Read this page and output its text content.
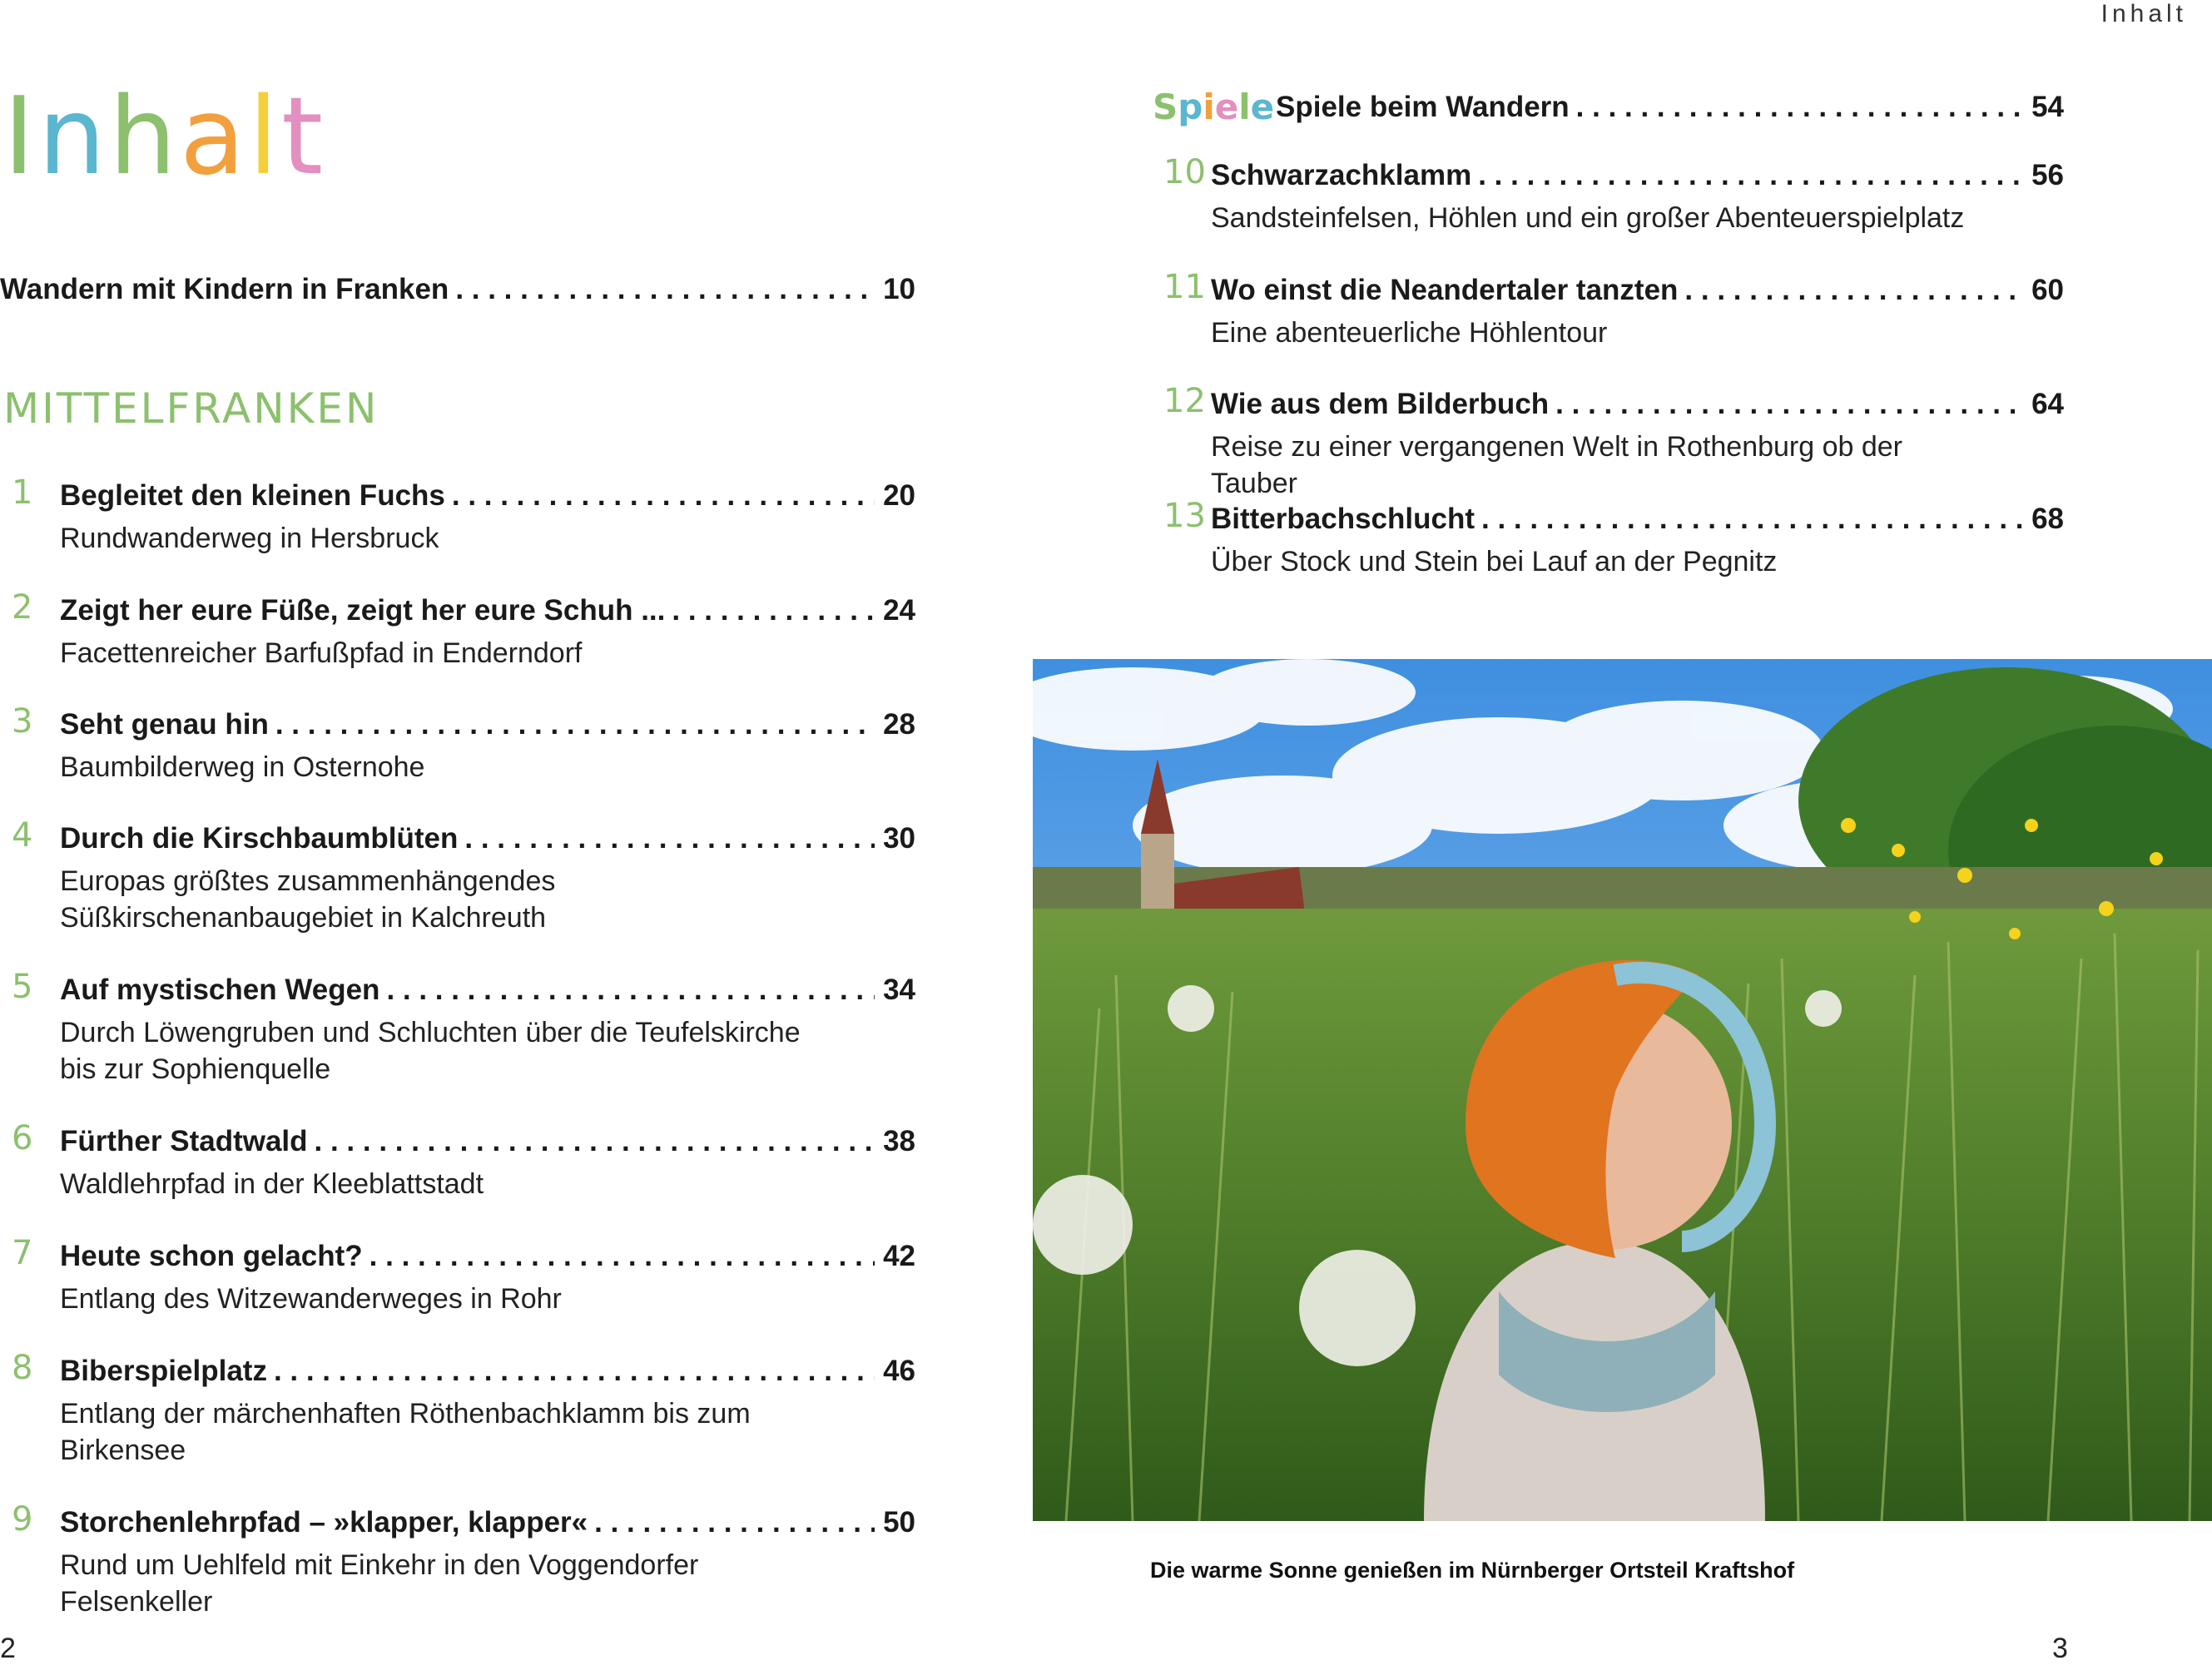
Inhalt
Inhalt
Wandern mit Kindern in Franken . . .	10
MITTELFRANKEN
1 Begleitet den kleinen Fuchs . . .	20
Rundwanderweg in Hersbruck
2 Zeigt her eure Füße, zeigt her eure Schuh ... . . .	24
Facettenreicher Barfußpfad in Enderndorf
3 Seht genau hin . . .	28
Baumbilderweg in Osternohe
4 Durch die Kirschbaumblüten . . .	30
Europas größtes zusammenhängendes Süßkirschenanbaugebiet in Kalchreuth
5 Auf mystischen Wegen . . .	34
Durch Löwengruben und Schluchten über die Teufelskirche bis zur Sophienquelle
6 Fürther Stadtwald . . .	38
Waldlehrpfad in der Kleeblattstadt
7 Heute schon gelacht? . . .	42
Entlang des Witzewanderweges in Rohr
8 Biberspielplatz . . .	46
Entlang der märchenhaften Röthenbachklamm bis zum Birkensee
9 Storchenlehrpfad – »klapper, klapper« . . .	50
Rund um Uehlfeld mit Einkehr in den Voggendorfer Felsenkeller
10 Schwarzachklamm . . .	56
Sandsteinfelsen, Höhlen und ein großer Abenteuerspielplatz
11 Wo einst die Neandertaler tanzten . . .	60
Eine abenteuerliche Höhlentour
12 Wie aus dem Bilderbuch . . .	64
Reise zu einer vergangenen Welt in Rothenburg ob der Tauber
13 Bitterbachschlucht . . .	68
Über Stock und Stein bei Lauf an der Pegnitz
Spiele Spiele beim Wandern . . .	54
Die warme Sonne genießen im Nürnberger Ortsteil Kraftshof
2	3
